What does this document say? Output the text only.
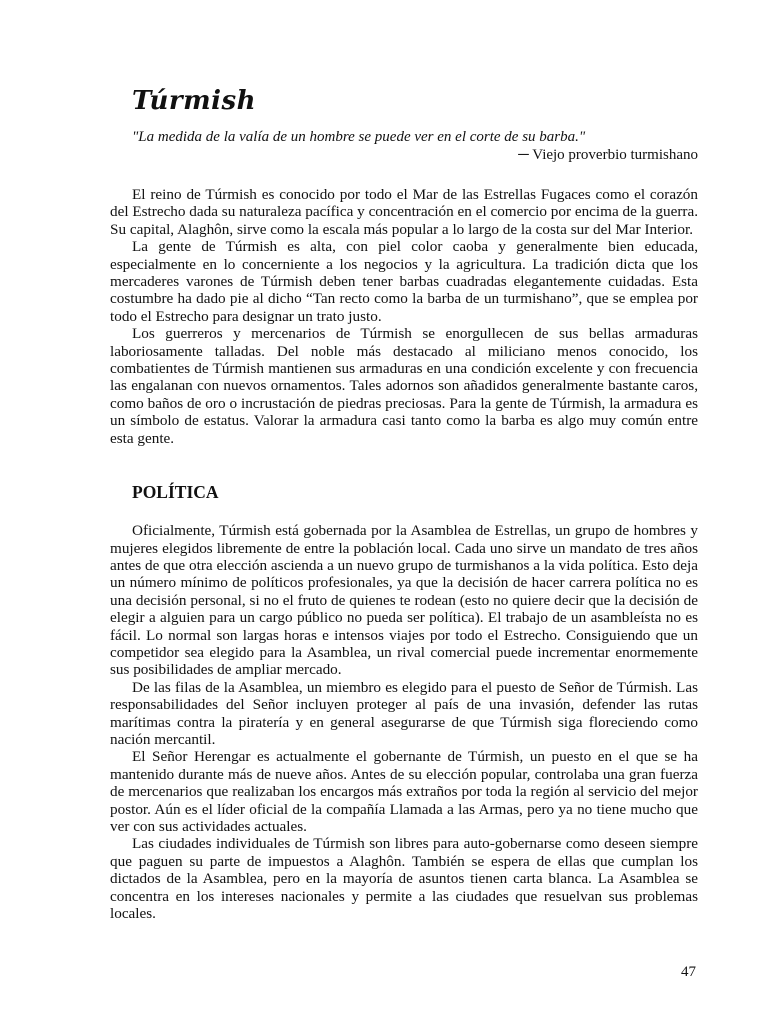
Túrmish
"La medida de la valía de un hombre se puede ver en el corte de su barba."
─ Viejo proverbio turmishano

El reino de Túrmish es conocido por todo el Mar de las Estrellas Fugaces como el corazón del Estrecho dada su naturaleza pacífica y concentración en el comercio por encima de la guerra. Su capital, Alaghôn, sirve como la escala más popular a lo largo de la costa sur del Mar Interior.

La gente de Túrmish es alta, con piel color caoba y generalmente bien educada, especialmente en lo concerniente a los negocios y la agricultura. La tradición dicta que los mercaderes varones de Túrmish deben tener barbas cuadradas elegantemente cuidadas. Esta costumbre ha dado pie al dicho “Tan recto como la barba de un turmishano”, que se emplea por todo el Estrecho para designar un trato justo.

Los guerreros y mercenarios de Túrmish se enorgullecen de sus bellas armaduras laboriosamente talladas. Del noble más destacado al miliciano menos conocido, los combatientes de Túrmish mantienen sus armaduras en una condición excelente y con frecuencia las engalanan con nuevos ornamentos. Tales adornos son añadidos generalmente bastante caros, como baños de oro o incrustación de piedras preciosas. Para la gente de Túrmish, la armadura es un símbolo de estatus. Valorar la armadura casi tanto como la barba es algo muy común entre esta gente.

POLÍTICA

Oficialmente, Túrmish está gobernada por la Asamblea de Estrellas, un grupo de hombres y mujeres elegidos libremente de entre la población local. Cada uno sirve un mandato de tres años antes de que otra elección ascienda a un nuevo grupo de turmishanos a la vida política. Esto deja un número mínimo de políticos profesionales, ya que la decisión de hacer carrera política no es una decisión personal, si no el fruto de quienes te rodean (esto no quiere decir que la decisión de elegir a alguien para un cargo público no pueda ser política). El trabajo de un asambleísta no es fácil. Lo normal son largas horas e intensos viajes por todo el Estrecho. Consiguiendo que un competidor sea elegido para la Asamblea, un rival comercial puede incrementar enormemente sus posibilidades de ampliar mercado.

De las filas de la Asamblea, un miembro es elegido para el puesto de Señor de Túrmish. Las responsabilidades del Señor incluyen proteger al país de una invasión, defender las rutas marítimas contra la piratería y en general asegurarse de que Túrmish siga floreciendo como nación mercantil.

El Señor Herengar es actualmente el gobernante de Túrmish, un puesto en el que se ha mantenido durante más de nueve años. Antes de su elección popular, controlaba una gran fuerza de mercenarios que realizaban los encargos más extraños por toda la región al servicio del mejor postor. Aún es el líder oficial de la compañía Llamada a las Armas, pero ya no tiene mucho que ver con sus actividades actuales.

Las ciudades individuales de Túrmish son libres para auto-gobernarse como deseen siempre que paguen su parte de impuestos a Alaghôn. También se espera de ellas que cumplan los dictados de la Asamblea, pero en la mayoría de asuntos tienen carta blanca. La Asamblea se concentra en los intereses nacionales y permite a las ciudades que resuelvan sus problemas locales.

47
